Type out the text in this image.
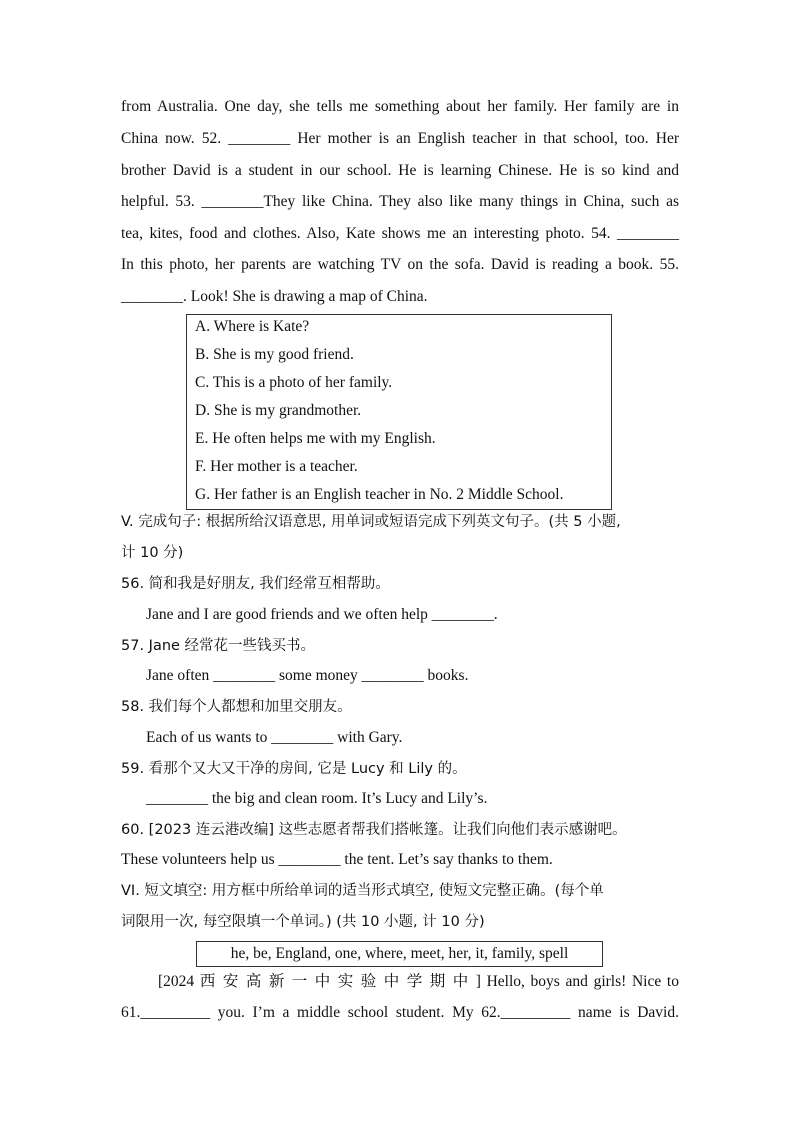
from Australia. One day, she tells me something about her family. Her family are in
China now. 52. ________ Her mother is an English teacher in that school, too. Her
brother David is a student in our school. He is learning Chinese. He is so kind and
helpful. 53. ________They like China. They also like many things in China, such as
tea, kites, food and clothes. Also, Kate shows me an interesting photo. 54. ________
In this photo, her parents are watching TV on the sofa. David is reading a book. 55.
________. Look! She is drawing a map of China.
A. Where is Kate?
B. She is my good friend.
C. This is a photo of her family.
D. She is my grandmother.
E. He often helps me with my English.
F. Her mother is a teacher.
G. Her father is an English teacher in No. 2 Middle School.
V. 完成句子: 根据所给汉语意思, 用单词或短语完成下列英文句子。(共 5 小题,
计 10 分)
56. 简和我是好朋友, 我们经常互相帮助。
Jane and I are good friends and we often help ________.
57. Jane 经常花一些钱买书。
Jane often ________ some money ________ books.
58. 我们每个人都想和加里交朋友。
Each of us wants to ________ with Gary.
59. 看那个又大又干净的房间, 它是 Lucy 和 Lily 的。
________ the big and clean room. It’s Lucy and Lily’s.
60. [2023 连云港改编] 这些志愿者帮我们搭帐篷。让我们向他们表示感谢吧。
These volunteers help us ________ the tent. Let’s say thanks to them.
VI. 短文填空: 用方框中所给单词的适当形式填空, 使短文完整正确。(每个单
词限用一次, 每空限填一个单词。) (共 10 小题, 计 10 分)
he, be, England, one, where, meet, her, it, family, spell
[2024 西 安 高 新 一 中 实 验 中 学 期 中 ] Hello, boys and girls! Nice to
61._________ you. I’m a middle school student. My 62._________ name is David.
